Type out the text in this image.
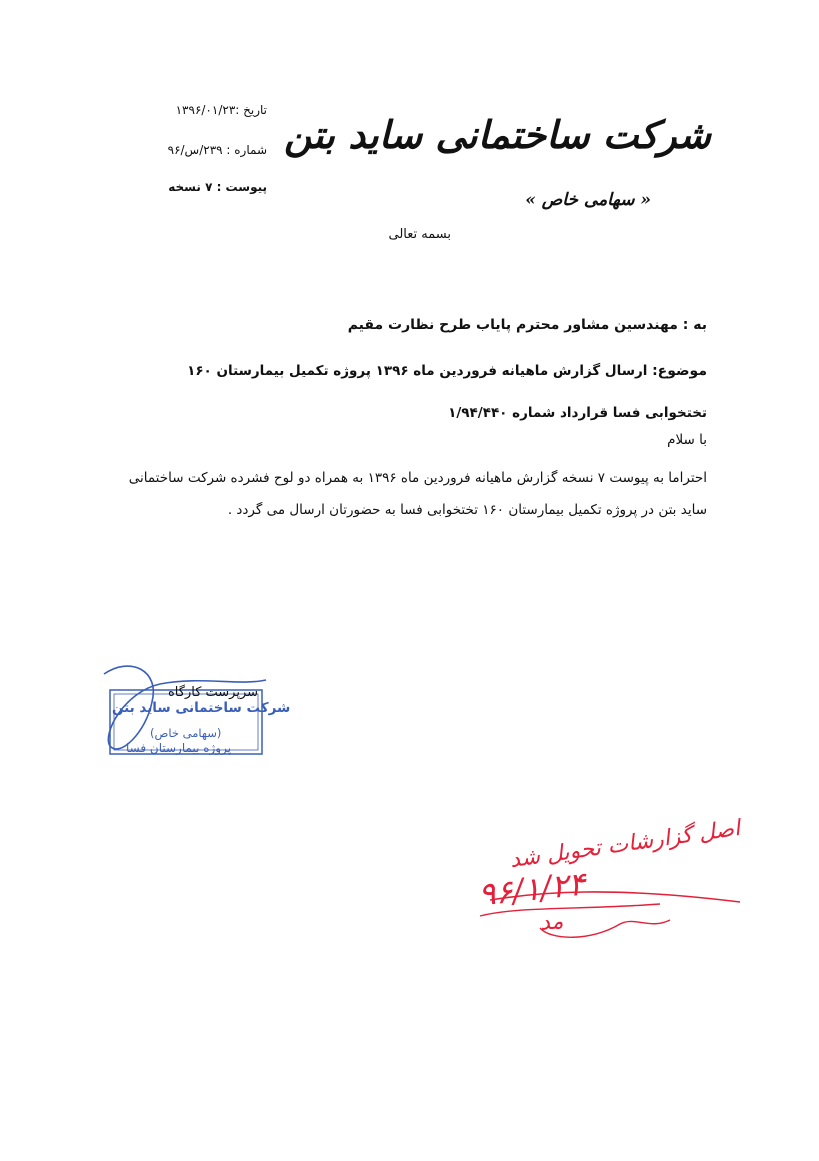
شرکت ساختمانی ساید بتن
« سهامی خاص »
تاریخ :۱۳۹۶/۰۱/۲۳
شماره : ۲۳۹/س/۹۶
پیوست : ۷ نسخه
بسمه تعالی
به : مهندسین مشاور محترم پایاب طرح نظارت مقیم
موضوع: ارسال گزارش ماهیانه فروردین ماه ۱۳۹۶ پروژه تکمیل بیمارستان ۱۶۰ تختخوابی فسا قرارداد شماره ۱/۹۴/۴۴۰
با سلام
احتراما به پیوست ۷ نسخه گزارش ماهیانه فروردین ماه ۱۳۹۶ به همراه دو لوح فشرده شرکت ساختمانی ساید بتن در پروژه تکمیل بیمارستان ۱۶۰ تختخوابی فسا به حضورتان ارسال می گردد .
سرپرست کارگاه
شرکت ساختمانی ساید بتن
(سهامی خاص)
پروژه بیمارستان فسا
اصل گزارشات تحویل شد
۹۶/۱/۲۴
مد
